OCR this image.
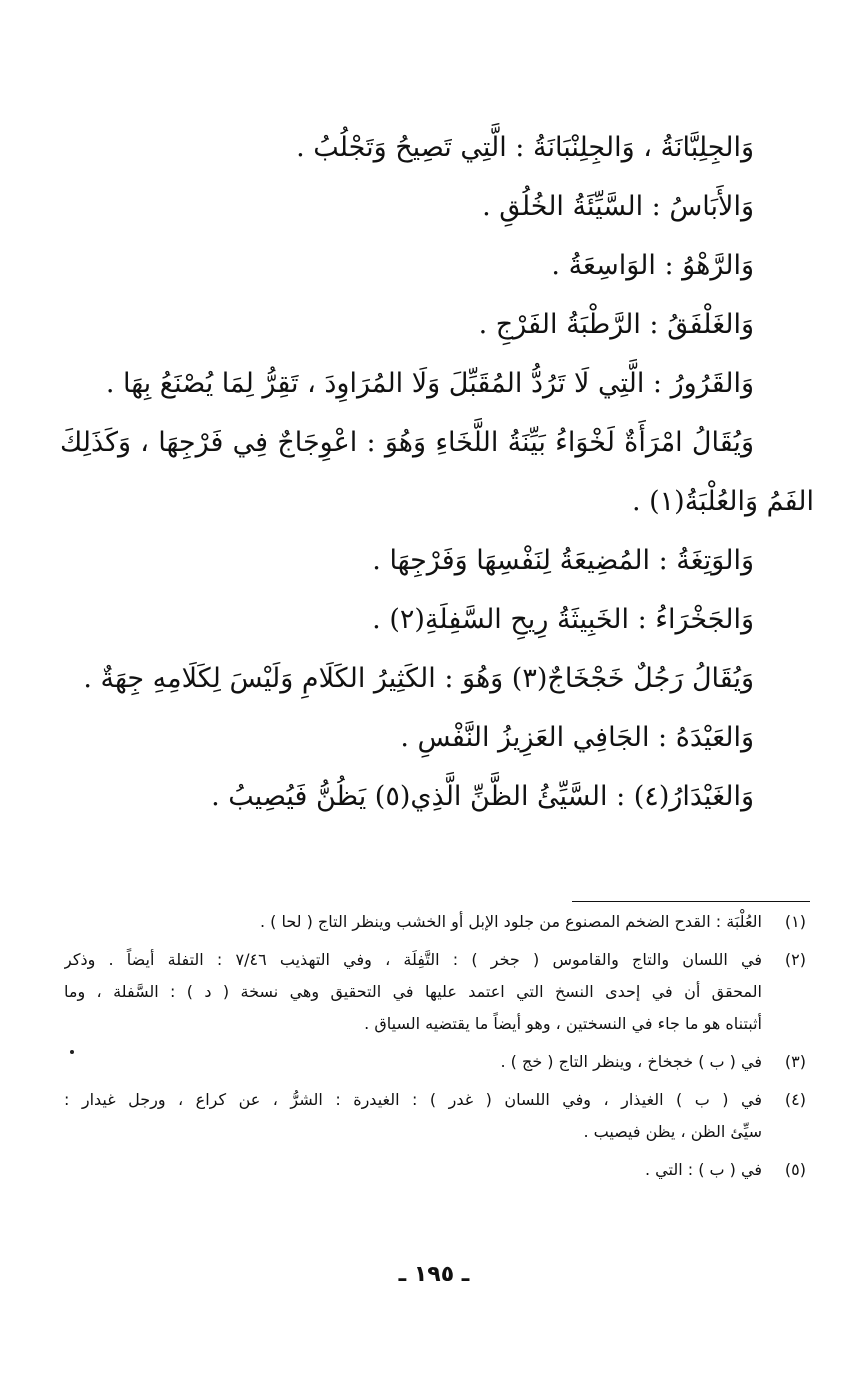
وَالجِلِبَّانَةُ ، وَالجِلِنْبَانَةُ : الَّتِي تَصِيحُ وَتَجْلُبُ .
وَالأَبَاسُ : السَّيِّئَةُ الخُلُقِ .
وَالرَّهْوُ : الوَاسِعَةُ .
وَالغَلْفَقُ : الرَّطْبَةُ الفَرْجِ .
وَالقَرُورُ : الَّتِي لَا تَرُدُّ المُقَبِّلَ وَلَا المُرَاوِدَ ، تَقِرُّ لِمَا يُصْنَعُ بِهَا .
وَيُقَالُ امْرَأَةٌ لَخْوَاءُ بَيِّنَةُ اللَّخَاءِ وَهُوَ : اعْوِجَاجٌ فِي فَرْجِهَا ، وَكَذَلِكَ
الفَمُ وَالعُلْبَةُ(١) .
وَالوَتِغَةُ : المُضِيعَةُ لِنَفْسِهَا وَفَرْجِهَا .
وَالجَخْرَاءُ : الخَبِيثَةُ رِيحِ السَّفِلَةِ(٢) .
وَيُقَالُ رَجُلٌ خَجْخَاجٌ(٣) وَهُوَ : الكَثِيرُ الكَلَامِ وَلَيْسَ لِكَلَامِهِ جِهَةٌ .
وَالعَيْدَهُ : الجَافِي العَزِيزُ النَّفْسِ .
وَالغَيْدَارُ(٤) : السَّيِّئُ الظَّنِّ الَّذِي(٥) يَظُنُّ فَيُصِيبُ .
(١)
العُلْبَة : القدح الضخم المصنوع من جلود الإبل أو الخشب وينظر التاج ( لحا ) .
(٢)
في اللسان والتاج والقاموس ( جخر ) : التَّفِلَة ، وفي التهذيب ٧/٤٦ : التفلة أيضاً . وذكر
المحقق أن في إحدى النسخ التي اعتمد عليها في التحقيق وهي نسخة ( د ) : السَّفلة ، وما
أثبتناه هو ما جاء في النسختين ، وهو أيضاً ما يقتضيه السياق .
(٣)
في ( ب ) خجخاخ ، وينظر التاج ( خج ) .
(٤)
في ( ب ) الغيذار ، وفي اللسان ( غدر ) : الغيدرة : الشرُّ ، عن كراع ، ورجل غيدار :
سيِّئ الظن ، يظن فيصيب .
(٥)
في ( ب ) : التي .
ـ ١٩٥ ـ
